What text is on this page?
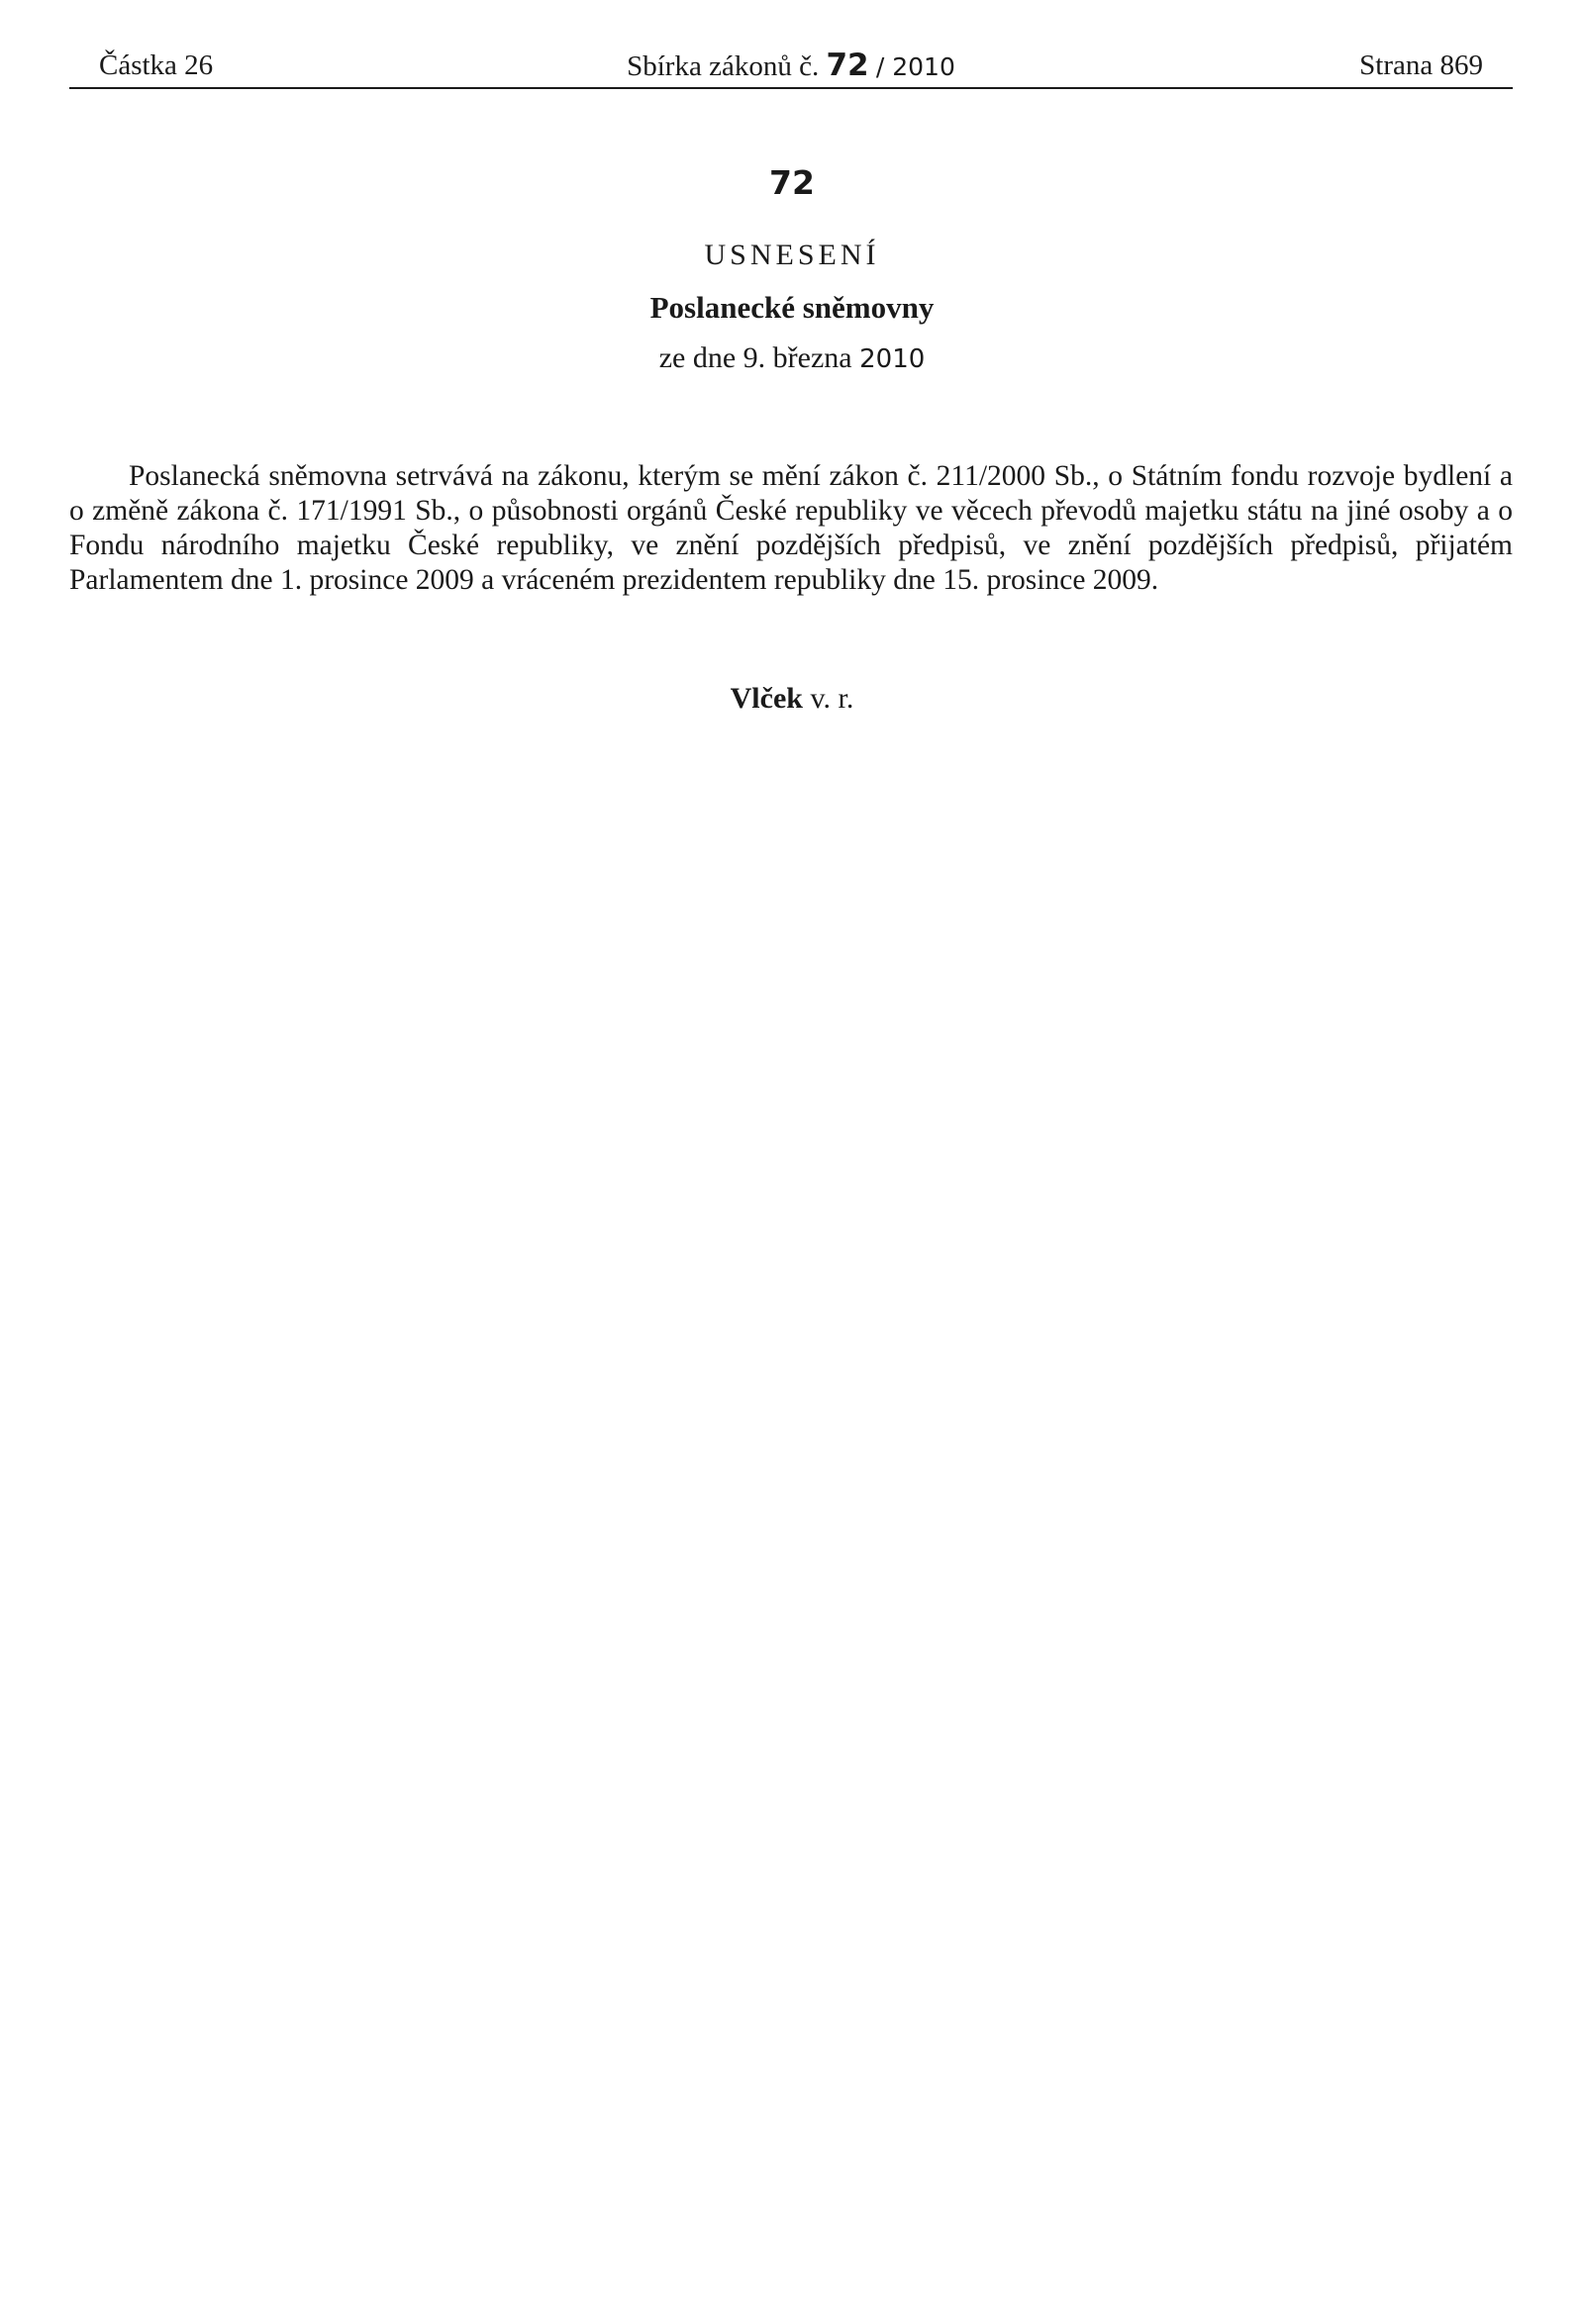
Částka 26	Sbírka zákonů č. 72 / 2010	Strana 869
72
USNESENÍ
Poslanecké sněmovny
ze dne 9. března 2010

Poslanecká sněmovna setrvává na zákonu, kterým se mění zákon č. 211/2000 Sb., o Státním fondu rozvoje bydlení a o změně zákona č. 171/1991 Sb., o působnosti orgánů České republiky ve věcech převodů majetku státu na jiné osoby a o Fondu národního majetku České republiky, ve znění pozdějších předpisů, ve znění pozdějších předpisů, přijatém Parlamentem dne 1. prosince 2009 a vráceném prezidentem republiky dne 15. prosince 2009.

Vlček v. r.
